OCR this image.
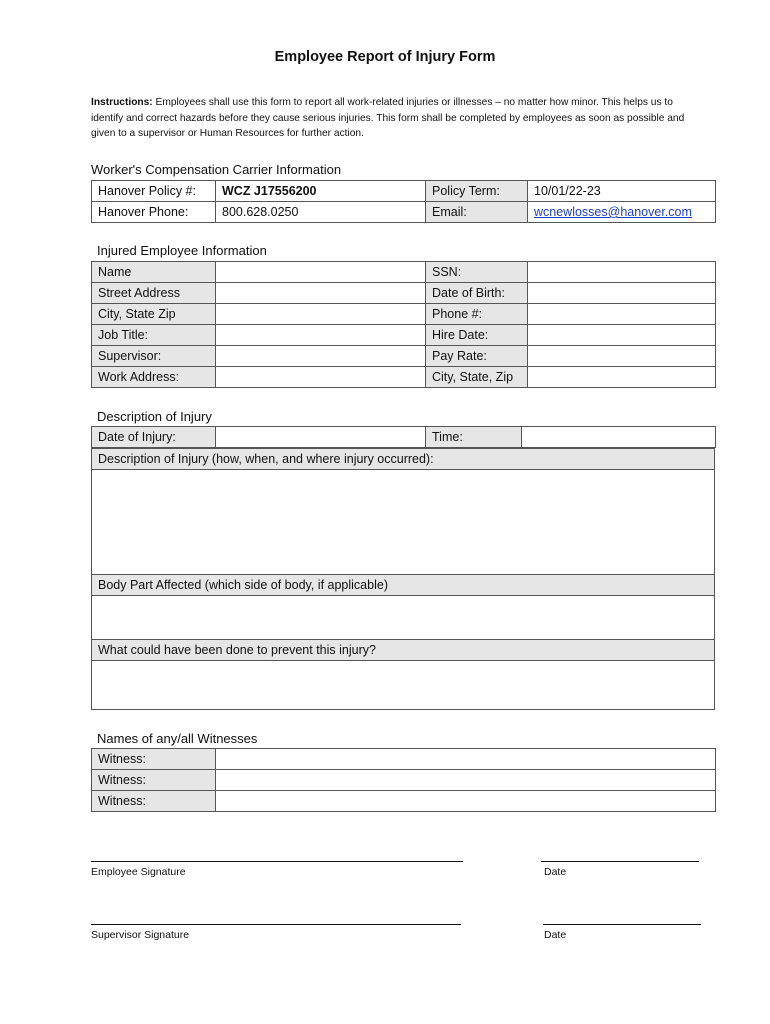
Employee Report of Injury Form
Instructions: Employees shall use this form to report all work-related injuries or illnesses – no matter how minor. This helps us to identify and correct hazards before they cause serious injuries. This form shall be completed by employees as soon as possible and given to a supervisor or Human Resources for further action.
Worker's Compensation Carrier Information
Hanover Policy #:	WCZ J17556200	Policy Term:	10/01/22-23
Hanover Phone:	800.628.0250	Email:	wcnewlosses@hanover.com
Injured Employee Information
Name		SSN:	
Street Address		Date of Birth:	
City, State Zip		Phone #:	
Job Title:		Hire Date:	
Supervisor:		Pay Rate:	
Work Address:		City, State, Zip	
Description of Injury
Date of Injury:		Time:	
Description of Injury (how, when, and where injury occurred):
Body Part Affected (which side of body, if applicable)
What could have been done to prevent this injury?
Names of any/all Witnesses
Witness:	
Witness:	
Witness:	
Employee Signature	Date
Supervisor Signature	Date
